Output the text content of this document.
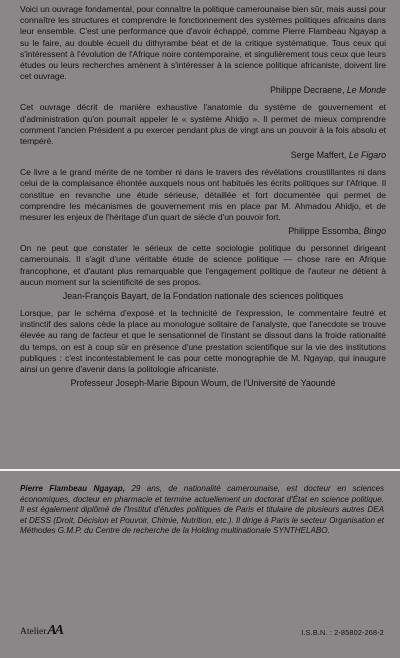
Voici un ouvrage fondamental, pour connaître la politique camerounaise bien sûr, mais aussi pour connaître les structures et comprendre le fonctionnement des systèmes politiques africains dans leur ensemble. C'est une performance que d'avoir échappé, comme Pierre Flambeau Ngayap a su le faire, au double écueil du dithyrambe béat et de la critique systématique. Tous ceux qui s'intéressent à l'évolution de l'Afrique noire contemporaine, et singulièrement tous ceux que leurs études ou leurs recherches amènent à s'intéresser à la science politique africaniste, doivent lire cet ouvrage.

Philippe Decraene, Le Monde

Cet ouvrage décrit de manière exhaustive l'anatomie du système de gouvernement et d'administration qu'on pourrait appeler le « système Ahidjo ». Il permet de mieux comprendre comment l'ancien Président a pu exercer pendant plus de vingt ans un pouvoir à la fois absolu et tempéré.

Serge Maffert, Le Figaro

Ce livre a le grand mérite de ne tomber ni dans le travers des révélations croustillantes ni dans celui de la complaisance éhontée auxquels nous ont habitués les écrits politiques sur l'Afrique. Il constitue en revanche une étude sérieuse, détaillée et fort documentée qui permet de comprendre les mécanismes de gouvernement mis en place par M. Ahmadou Ahidjo, et de mesurer les enjeux de l'héritage d'un quart de siècle d'un pouvoir fort.

Philippe Essomba, Bingo

On ne peut que constater le sérieux de cette sociologie politique du personnel dirigeant camerounais. Il s'agit d'une véritable étude de science politique — chose rare en Afrique francophone, et d'autant plus remarquable que l'engagement politique de l'auteur ne détient à aucun moment sur la scientificité de ses propos.

Jean-François Bayart, de la Fondation nationale des sciences politiques

Lorsque, par le schéma d'exposé et la technicité de l'expression, le commentaire feutré et instinctif des salons cède la place au monologue solitaire de l'analyste, que l'anecdote se trouve élevée au rang de facteur et que le sensationnel de l'instant se dissout dans la froide rationalité du temps, on est à coup sûr en présence d'une prestation scientifique sur la vie des institutions publiques : c'est incontestablement le cas pour cette monographie de M. Ngayap, qui inaugure ainsi un genre d'avenir dans la politologie africaniste.

Professeur Joseph-Marie Bipoun Woum, de l'Université de Yaoundé

Pierre Flambeau Ngayap, 29 ans, de nationalité camerounaise, est docteur en sciences économiques, docteur en pharmacie et termine actuellement un doctorat d'État en science politique. Il est également diplômé de l'Institut d'études politiques de Paris et titulaire de plusieurs autres DEA et DESS (Droit, Décision et Pouvoir, Chimie, Nutrition, etc.). Il dirige à Paris le secteur Organisation et Méthodes G.M.P. du Centre de recherche de la Holding multinationale SYNTHELABO.

AtelierAA	I.S.B.N. : 2-85802-268-2
